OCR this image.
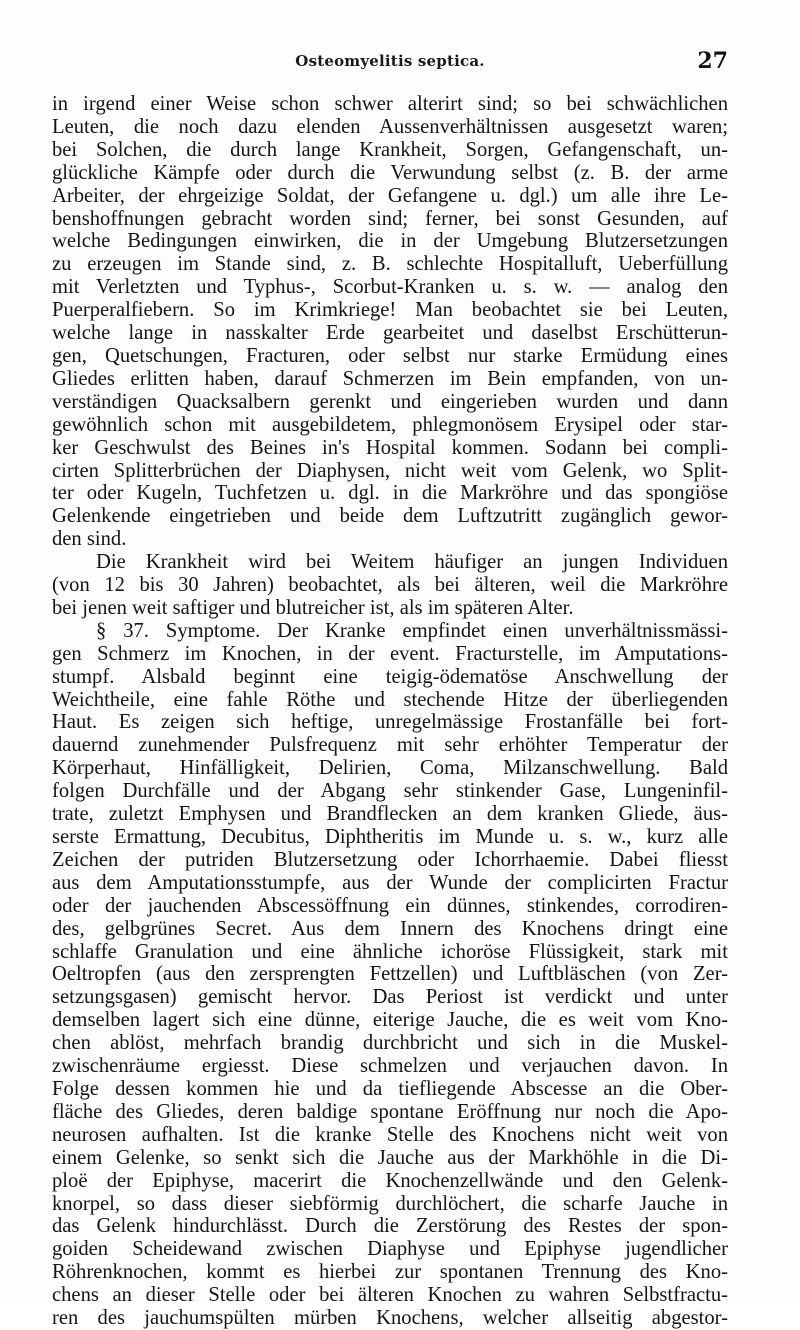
Osteomyelitis septica.	27
in irgend einer Weise schon schwer alterirt sind; so bei schwächlichen
Leuten, die noch dazu elenden Aussenverhältnissen ausgesetzt waren;
bei Solchen, die durch lange Krankheit, Sorgen, Gefangenschaft, un-
glückliche Kämpfe oder durch die Verwundung selbst (z. B. der arme
Arbeiter, der ehrgeizige Soldat, der Gefangene u. dgl.) um alle ihre Le-
benshoffnungen gebracht worden sind; ferner, bei sonst Gesunden, auf
welche Bedingungen einwirken, die in der Umgebung Blutzersetzungen
zu erzeugen im Stande sind, z. B. schlechte Hospitalluft, Ueberfüllung
mit Verletzten und Typhus-, Scorbut-Kranken u. s. w. — analog den
Puerperalfiebern. So im Krimkriege! Man beobachtet sie bei Leuten,
welche lange in nasskalter Erde gearbeitet und daselbst Erschütterun-
gen, Quetschungen, Fracturen, oder selbst nur starke Ermüdung eines
Gliedes erlitten haben, darauf Schmerzen im Bein empfanden, von un-
verständigen Quacksalbern gerenkt und eingerieben wurden und dann
gewöhnlich schon mit ausgebildetem, phlegmonösem Erysipel oder star-
ker Geschwulst des Beines in's Hospital kommen. Sodann bei compli-
cirten Splitterbrüchen der Diaphysen, nicht weit vom Gelenk, wo Split-
ter oder Kugeln, Tuchfetzen u. dgl. in die Markröhre und das spongiöse
Gelenkende eingetrieben und beide dem Luftzutritt zugänglich gewor-
den sind.
Die Krankheit wird bei Weitem häufiger an jungen Individuen
(von 12 bis 30 Jahren) beobachtet, als bei älteren, weil die Markröhre
bei jenen weit saftiger und blutreicher ist, als im späteren Alter.
§ 37. Symptome. Der Kranke empfindet einen unverhältnissmässi-
gen Schmerz im Knochen, in der event. Fracturstelle, im Amputations-
stumpf. Alsbald beginnt eine teigig-ödematöse Anschwellung der
Weichtheile, eine fahle Röthe und stechende Hitze der überliegenden
Haut. Es zeigen sich heftige, unregelmässige Frostanfälle bei fort-
dauernd zunehmender Pulsfrequenz mit sehr erhöhter Temperatur der
Körperhaut, Hinfälligkeit, Delirien, Coma, Milzanschwellung. Bald
folgen Durchfälle und der Abgang sehr stinkender Gase, Lungeninfil-
trate, zuletzt Emphysen und Brandflecken an dem kranken Gliede, äus-
serste Ermattung, Decubitus, Diphtheritis im Munde u. s. w., kurz alle
Zeichen der putriden Blutzersetzung oder Ichorrhaemie. Dabei fliesst
aus dem Amputationsstumpfe, aus der Wunde der complicirten Fractur
oder der jauchenden Abscessöffnung ein dünnes, stinkendes, corrodiren-
des, gelbgrünes Secret. Aus dem Innern des Knochens dringt eine
schlaffe Granulation und eine ähnliche ichoröse Flüssigkeit, stark mit
Oeltropfen (aus den zersprengten Fettzellen) und Luftbläschen (von Zer-
setzungsgasen) gemischt hervor. Das Periost ist verdickt und unter
demselben lagert sich eine dünne, eiterige Jauche, die es weit vom Kno-
chen ablöst, mehrfach brandig durchbricht und sich in die Muskel-
zwischenräume ergiesst. Diese schmelzen und verjauchen davon. In
Folge dessen kommen hie und da tiefliegende Abscesse an die Ober-
fläche des Gliedes, deren baldige spontane Eröffnung nur noch die Apo-
neurosen aufhalten. Ist die kranke Stelle des Knochens nicht weit von
einem Gelenke, so senkt sich die Jauche aus der Markhöhle in die Di-
ploë der Epiphyse, macerirt die Knochenzellwände und den Gelenk-
knorpel, so dass dieser siebförmig durchlöchert, die scharfe Jauche in
das Gelenk hindurchlässt. Durch die Zerstörung des Restes der spon-
goiden Scheidewand zwischen Diaphyse und Epiphyse jugendlicher
Röhrenknochen, kommt es hierbei zur spontanen Trennung des Kno-
chens an dieser Stelle oder bei älteren Knochen zu wahren Selbstfractu-
ren des jauchumspülten mürben Knochens, welcher allseitig abgestor-
